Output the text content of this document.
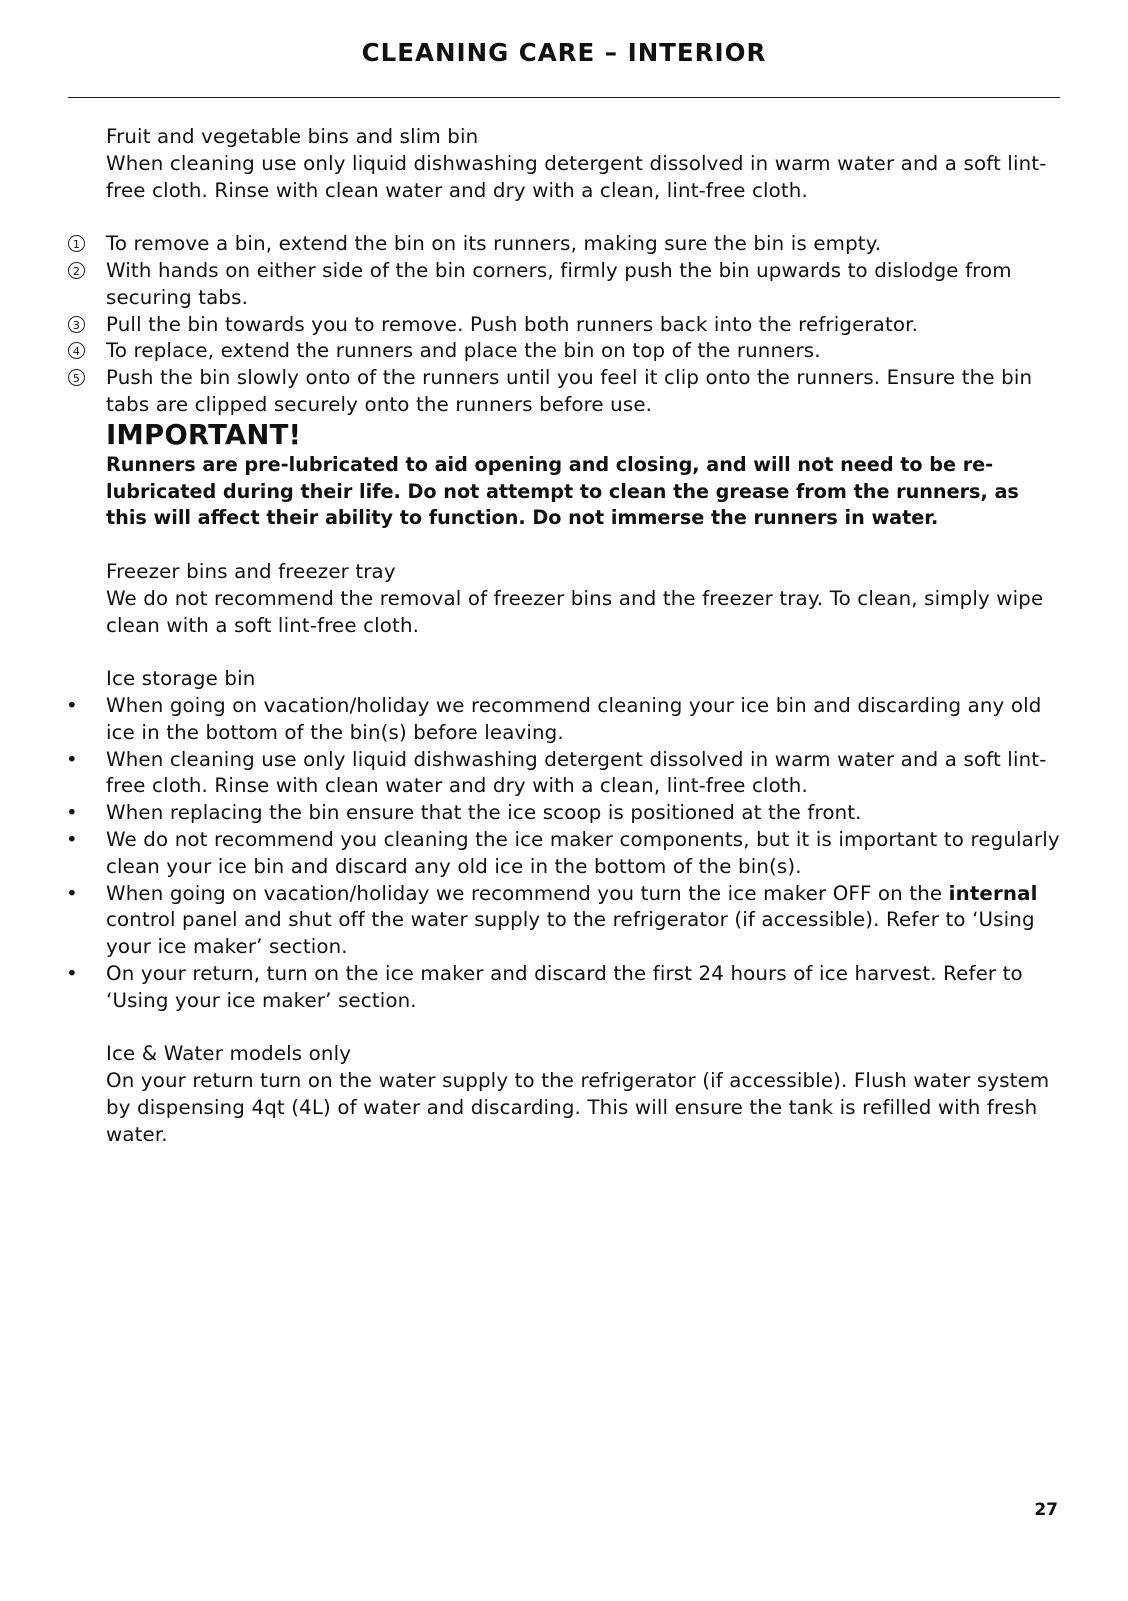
CLEANING CARE – INTERIOR

Fruit and vegetable bins and slim bin

When cleaning use only liquid dishwashing detergent dissolved in warm water and a soft lint-free cloth. Rinse with clean water and dry with a clean, lint-free cloth.

1 To remove a bin, extend the bin on its runners, making sure the bin is empty.
2 With hands on either side of the bin corners, firmly push the bin upwards to dislodge from securing tabs.
3 Pull the bin towards you to remove. Push both runners back into the refrigerator.
4 To replace, extend the runners and place the bin on top of the runners.
5 Push the bin slowly onto of the runners until you feel it clip onto the runners. Ensure the bin tabs are clipped securely onto the runners before use.

IMPORTANT!

Runners are pre-lubricated to aid opening and closing, and will not need to be re-lubricated during their life. Do not attempt to clean the grease from the runners, as this will affect their ability to function. Do not immerse the runners in water.

Freezer bins and freezer tray

We do not recommend the removal of freezer bins and the freezer tray. To clean, simply wipe clean with a soft lint-free cloth.

Ice storage bin

• When going on vacation/holiday we recommend cleaning your ice bin and discarding any old ice in the bottom of the bin(s) before leaving.
• When cleaning use only liquid dishwashing detergent dissolved in warm water and a soft lint-free cloth. Rinse with clean water and dry with a clean, lint-free cloth.
• When replacing the bin ensure that the ice scoop is positioned at the front.
• We do not recommend you cleaning the ice maker components, but it is important to regularly clean your ice bin and discard any old ice in the bottom of the bin(s).
• When going on vacation/holiday we recommend you turn the ice maker OFF on the internal control panel and shut off the water supply to the refrigerator (if accessible). Refer to ‘Using your ice maker’ section.
• On your return, turn on the ice maker and discard the first 24 hours of ice harvest. Refer to ‘Using your ice maker’ section.

Ice & Water models only

On your return turn on the water supply to the refrigerator (if accessible). Flush water system by dispensing 4qt (4L) of water and discarding. This will ensure the tank is refilled with fresh water.

27
